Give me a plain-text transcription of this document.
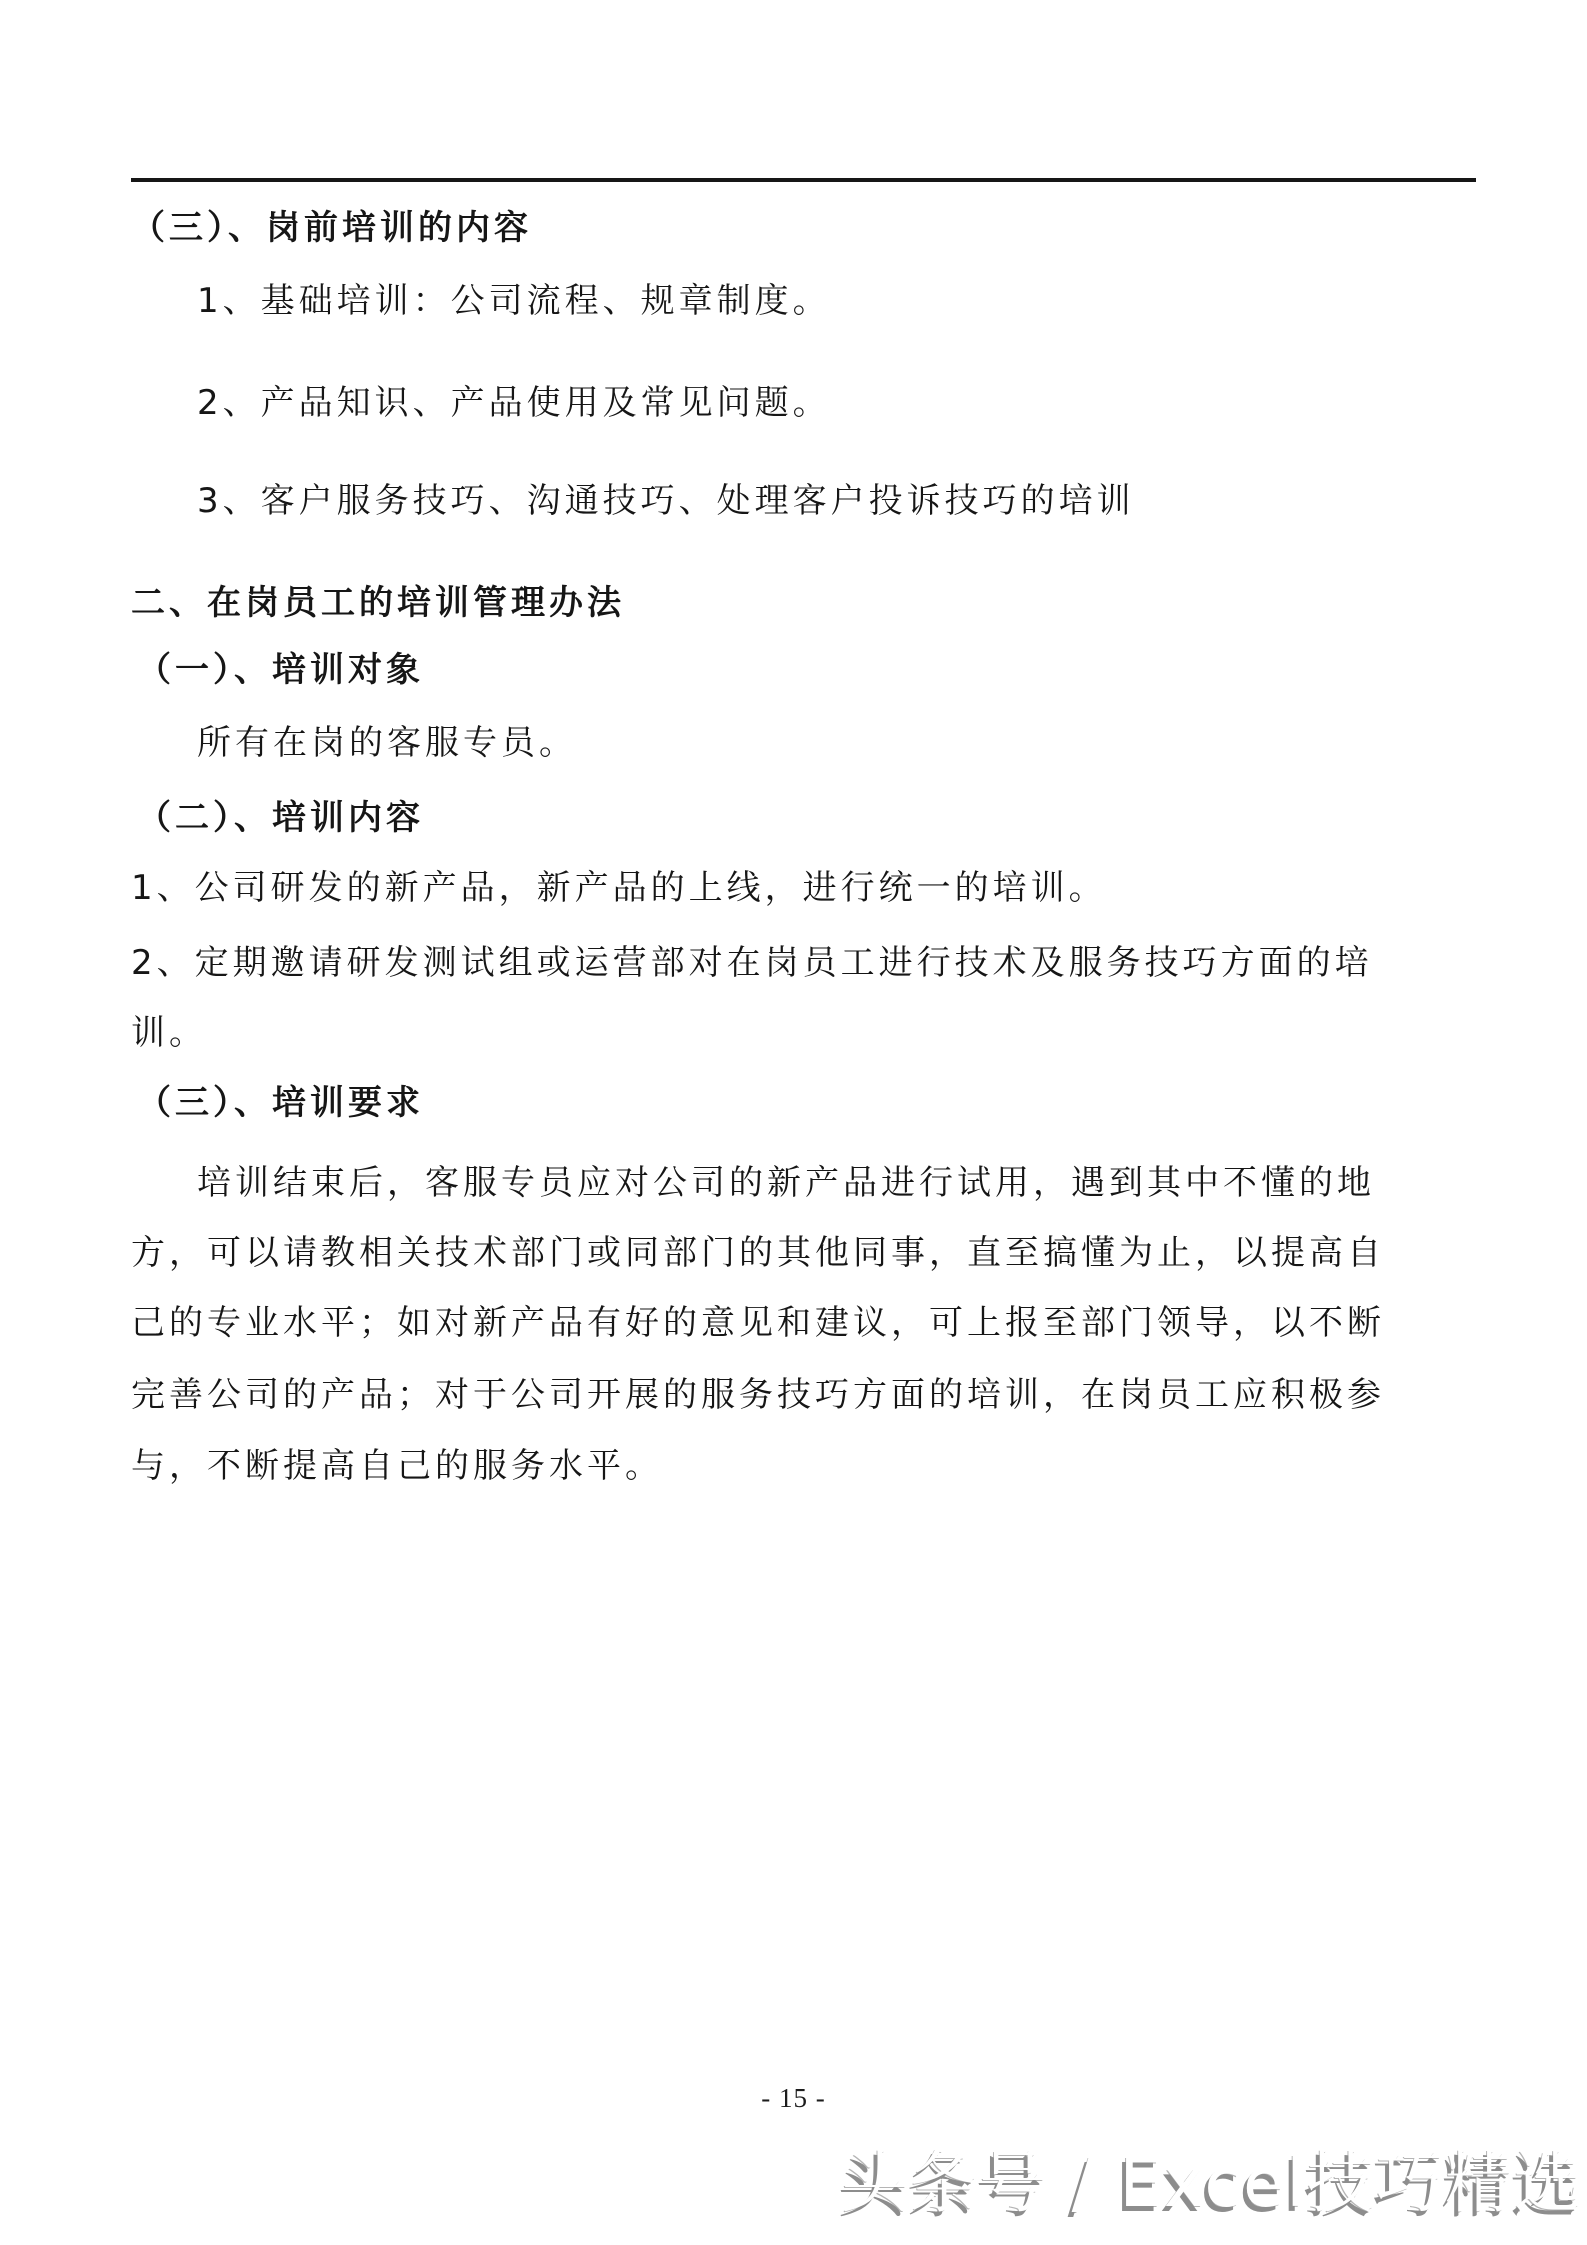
（三）、岗前培训的内容
1、基础培训：公司流程、规章制度。
2、产品知识、产品使用及常见问题。
3、客户服务技巧、沟通技巧、处理客户投诉技巧的培训
二、在岗员工的培训管理办法
（一）、培训对象
所有在岗的客服专员。
（二）、培训内容
1、公司研发的新产品，新产品的上线，进行统一的培训。
2、定期邀请研发测试组或运营部对在岗员工进行技术及服务技巧方面的培
训。
（三）、培训要求
培训结束后，客服专员应对公司的新产品进行试用，遇到其中不懂的地
方，可以请教相关技术部门或同部门的其他同事，直至搞懂为止，以提高自
己的专业水平；如对新产品有好的意见和建议，可上报至部门领导，以不断
完善公司的产品；对于公司开展的服务技巧方面的培训，在岗员工应积极参
与，不断提高自己的服务水平。
- 15 -
头条号 / Excel技巧精选
